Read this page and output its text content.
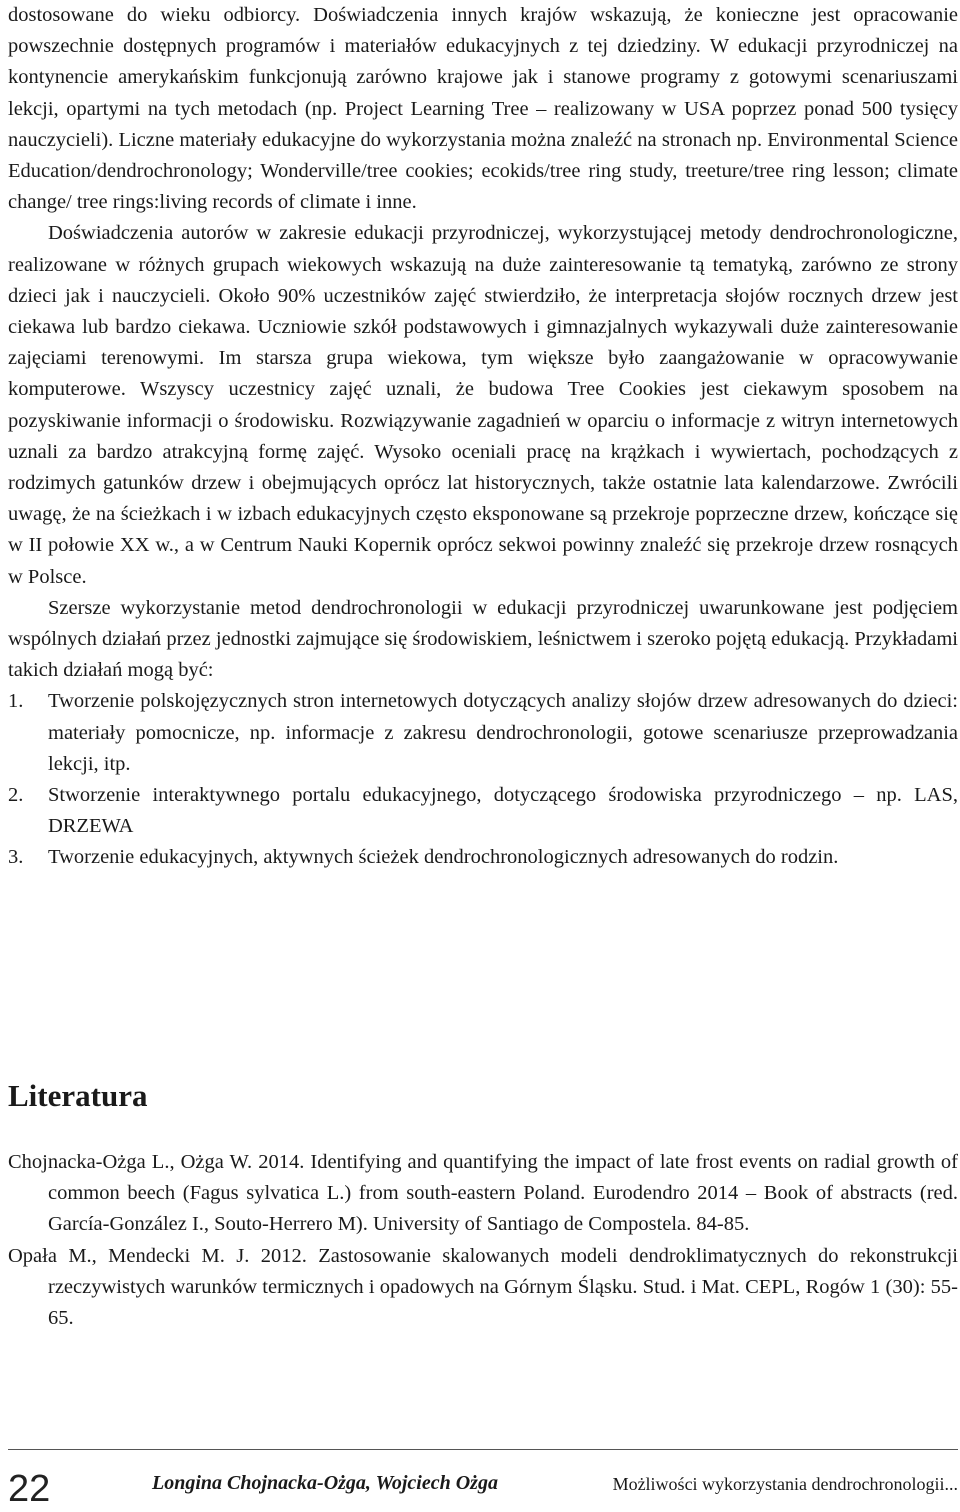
dostosowane do wieku odbiorcy. Doświadczenia innych krajów wskazują, że konieczne jest opracowanie powszechnie dostępnych programów i materiałów edukacyjnych z tej dziedziny. W edukacji przyrodniczej na kontynencie amerykańskim funkcjonują zarówno krajowe jak i stanowe programy z gotowymi scenariuszami lekcji, opartymi na tych metodach (np. Project Learning Tree – realizowany w USA poprzez ponad 500 tysięcy nauczycieli). Liczne materiały edukacyjne do wykorzystania można znaleźć na stronach np. Environmental Science Education/dendrochronology; Wonderville/tree cookies; ecokids/tree ring study, treeture/tree ring lesson; climate change/ tree rings:living records of climate i inne.

Doświadczenia autorów w zakresie edukacji przyrodniczej, wykorzystującej metody dendrochronologiczne, realizowane w różnych grupach wiekowych wskazują na duże zainteresowanie tą tematyką, zarówno ze strony dzieci jak i nauczycieli. Około 90% uczestników zajęć stwierdziło, że interpretacja słojów rocznych drzew jest ciekawa lub bardzo ciekawa. Uczniowie szkół podstawowych i gimnazjalnych wykazywali duże zainteresowanie zajęciami terenowymi. Im starsza grupa wiekowa, tym większe było zaangażowanie w opracowywanie komputerowe. Wszyscy uczestnicy zajęć uznali, że budowa Tree Cookies jest ciekawym sposobem na pozyskiwanie informacji o środowisku. Rozwiązywanie zagadnień w oparciu o informacje z witryn internetowych uznali za bardzo atrakcyjną formę zajęć. Wysoko oceniali pracę na krążkach i wywiertach, pochodzących z rodzimych gatunków drzew i obejmujących oprócz lat historycznych, także ostatnie lata kalendarzowe. Zwrócili uwagę, że na ścieżkach i w izbach edukacyjnych często eksponowane są przekroje poprzeczne drzew, kończące się w II połowie XX w., a w Centrum Nauki Kopernik oprócz sekwoi powinny znaleźć się przekroje drzew rosnących w Polsce.

Szersze wykorzystanie metod dendrochronologii w edukacji przyrodniczej uwarunkowane jest podjęciem wspólnych działań przez jednostki zajmujące się środowiskiem, leśnictwem i szeroko pojętą edukacją. Przykładami takich działań mogą być:

1. Tworzenie polskojęzycznych stron internetowych dotyczących analizy słojów drzew adresowanych do dzieci: materiały pomocnicze, np. informacje z zakresu dendrochronologii, gotowe scenariusze przeprowadzania lekcji, itp.
2. Stworzenie interaktywnego portalu edukacyjnego, dotyczącego środowiska przyrodniczego – np. LAS, DRZEWA
3. Tworzenie edukacyjnych, aktywnych ścieżek dendrochronologicznych adresowanych do rodzin.
Literatura

Chojnacka-Ożga L., Ożga W. 2014. Identifying and quantifying the impact of late frost events on radial growth of common beech (Fagus sylvatica L.) from south-eastern Poland. Eurodendro 2014 – Book of abstracts (red. García-González I., Souto-Herrero M). University of Santiago de Compostela. 84-85.

Opała M., Mendecki M. J. 2012. Zastosowanie skalowanych modeli dendroklimatycznych do rekonstrukcji rzeczywistych warunków termicznych i opadowych na Górnym Śląsku. Stud. i Mat. CEPL, Rogów 1 (30): 55-65.

22	Longina Chojnacka-Ożga, Wojciech Ożga	Możliwości wykorzystania dendrochronologii...
